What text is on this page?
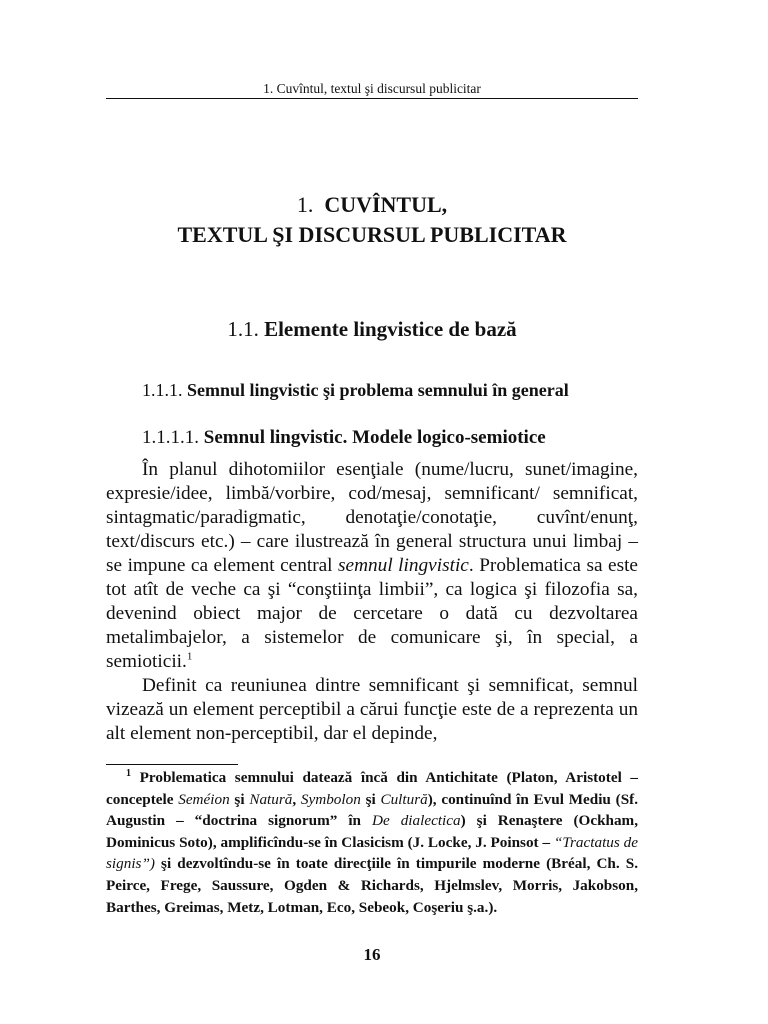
1. Cuvîntul, textul şi discursul publicitar
1. CUVÎNTUL,
TEXTUL ŞI DISCURSUL PUBLICITAR
1.1. Elemente lingvistice de bază
1.1.1. Semnul lingvistic şi problema semnului în general
1.1.1.1. Semnul lingvistic. Modele logico-semiotice

În planul dihotomiilor esenţiale (nume/lucru, sunet/imagine, expresie/idee, limbă/vorbire, cod/mesaj, semnificant/ semnificat, sintagmatic/paradigmatic, denotaţie/conotaţie, cuvînt/enunţ, text/discurs etc.) – care ilustrează în general structura unui limbaj – se impune ca element central semnul lingvistic. Problematica sa este tot atît de veche ca şi “conştiinţa limbii”, ca logica şi filozofia sa, devenind obiect major de cercetare o dată cu dezvoltarea metalimbajelor, a sistemelor de comunicare şi, în special, a semioticii.$^1$

Definit ca reuniunea dintre semnificant şi semnificat, semnul vizează un element perceptibil a cărui funcţie este de a reprezenta un alt element non-perceptibil, dar el depinde,

$^1$ Problematica semnului datează încă din Antichitate (Platon, Aristotel – conceptele Seméion şi Natură, Symbolon şi Cultură), continuînd în Evul Mediu (Sf. Augustin – “doctrina signorum” în De dialectica) şi Renaştere (Ockham, Dominicus Soto), amplificîndu-se în Clasicism (J. Locke, J. Poinsot – “Tractatus de signis”) şi dezvoltîndu-se în toate direcţiile în timpurile moderne (Bréal, Ch. S. Peirce, Frege, Saussure, Ogden & Richards, Hjelmslev, Morris, Jakobson, Barthes, Greimas, Metz, Lotman, Eco, Sebeok, Coşeriu ş.a.).
16
